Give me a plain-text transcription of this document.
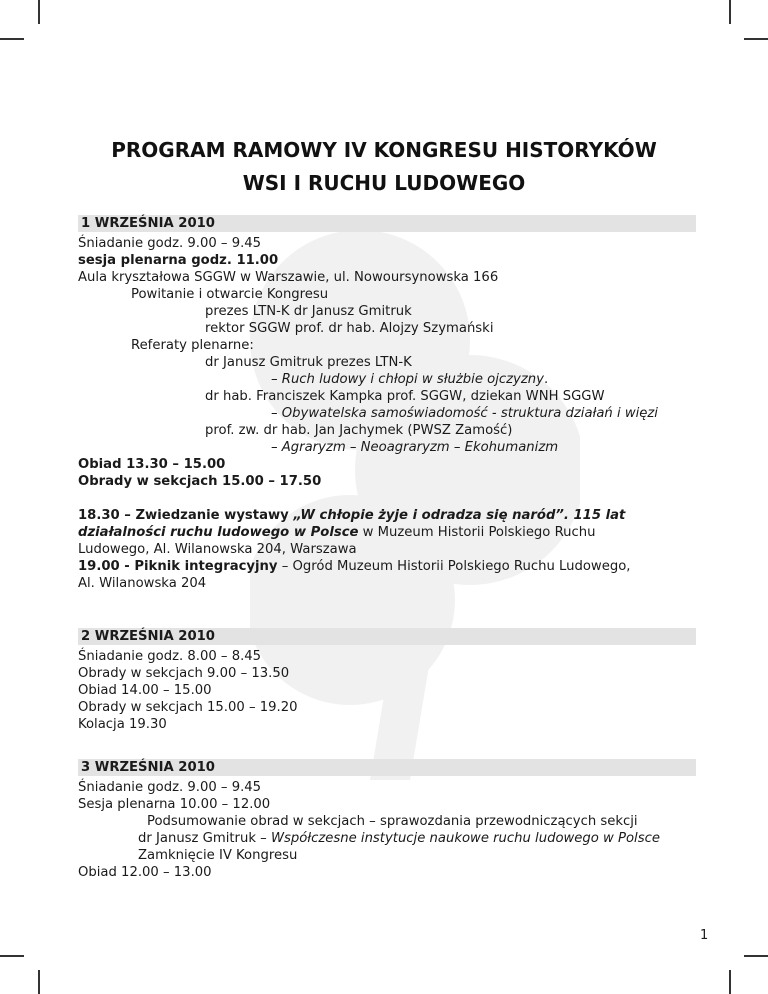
PROGRAM RAMOWY IV KONGRESU HISTORYKÓW
WSI I RUCHU LUDOWEGO
1 WRZEŚNIA 2010
Śniadanie godz. 9.00 – 9.45
sesja plenarna godz. 11.00
Aula kryształowa SGGW w Warszawie, ul. Nowoursynowska 166
Powitanie i otwarcie Kongresu
prezes LTN-K dr Janusz Gmitruk
rektor SGGW prof. dr hab. Alojzy Szymański
Referaty plenarne:
dr Janusz Gmitruk prezes LTN-K
– Ruch ludowy i chłopi w służbie ojczyzny.
dr hab. Franciszek Kampka prof. SGGW, dziekan WNH SGGW
– Obywatelska samoświadomość - struktura działań i więzi
prof. zw. dr hab. Jan Jachymek (PWSZ Zamość)
– Agraryzm – Neoagraryzm – Ekohumanizm
Obiad 13.30 – 15.00
Obrady w sekcjach 15.00 – 17.50
18.30 – Zwiedzanie wystawy „W chłopie żyje i odradza się naród”. 115 lat
działalności ruchu ludowego w Polsce w Muzeum Historii Polskiego Ruchu
Ludowego, Al. Wilanowska 204, Warszawa
19.00 - Piknik integracyjny – Ogród Muzeum Historii Polskiego Ruchu Ludowego,
Al. Wilanowska 204
2 WRZEŚNIA 2010
Śniadanie godz. 8.00 – 8.45
Obrady w sekcjach 9.00 – 13.50
Obiad 14.00 – 15.00
Obrady w sekcjach 15.00 – 19.20
Kolacja 19.30
3 WRZEŚNIA 2010
Śniadanie godz. 9.00 – 9.45
Sesja plenarna 10.00 – 12.00
Podsumowanie obrad w sekcjach – sprawozdania przewodniczących sekcji
dr Janusz Gmitruk – Współczesne instytucje naukowe ruchu ludowego w Polsce
Zamknięcie IV Kongresu
Obiad 12.00 – 13.00
1
